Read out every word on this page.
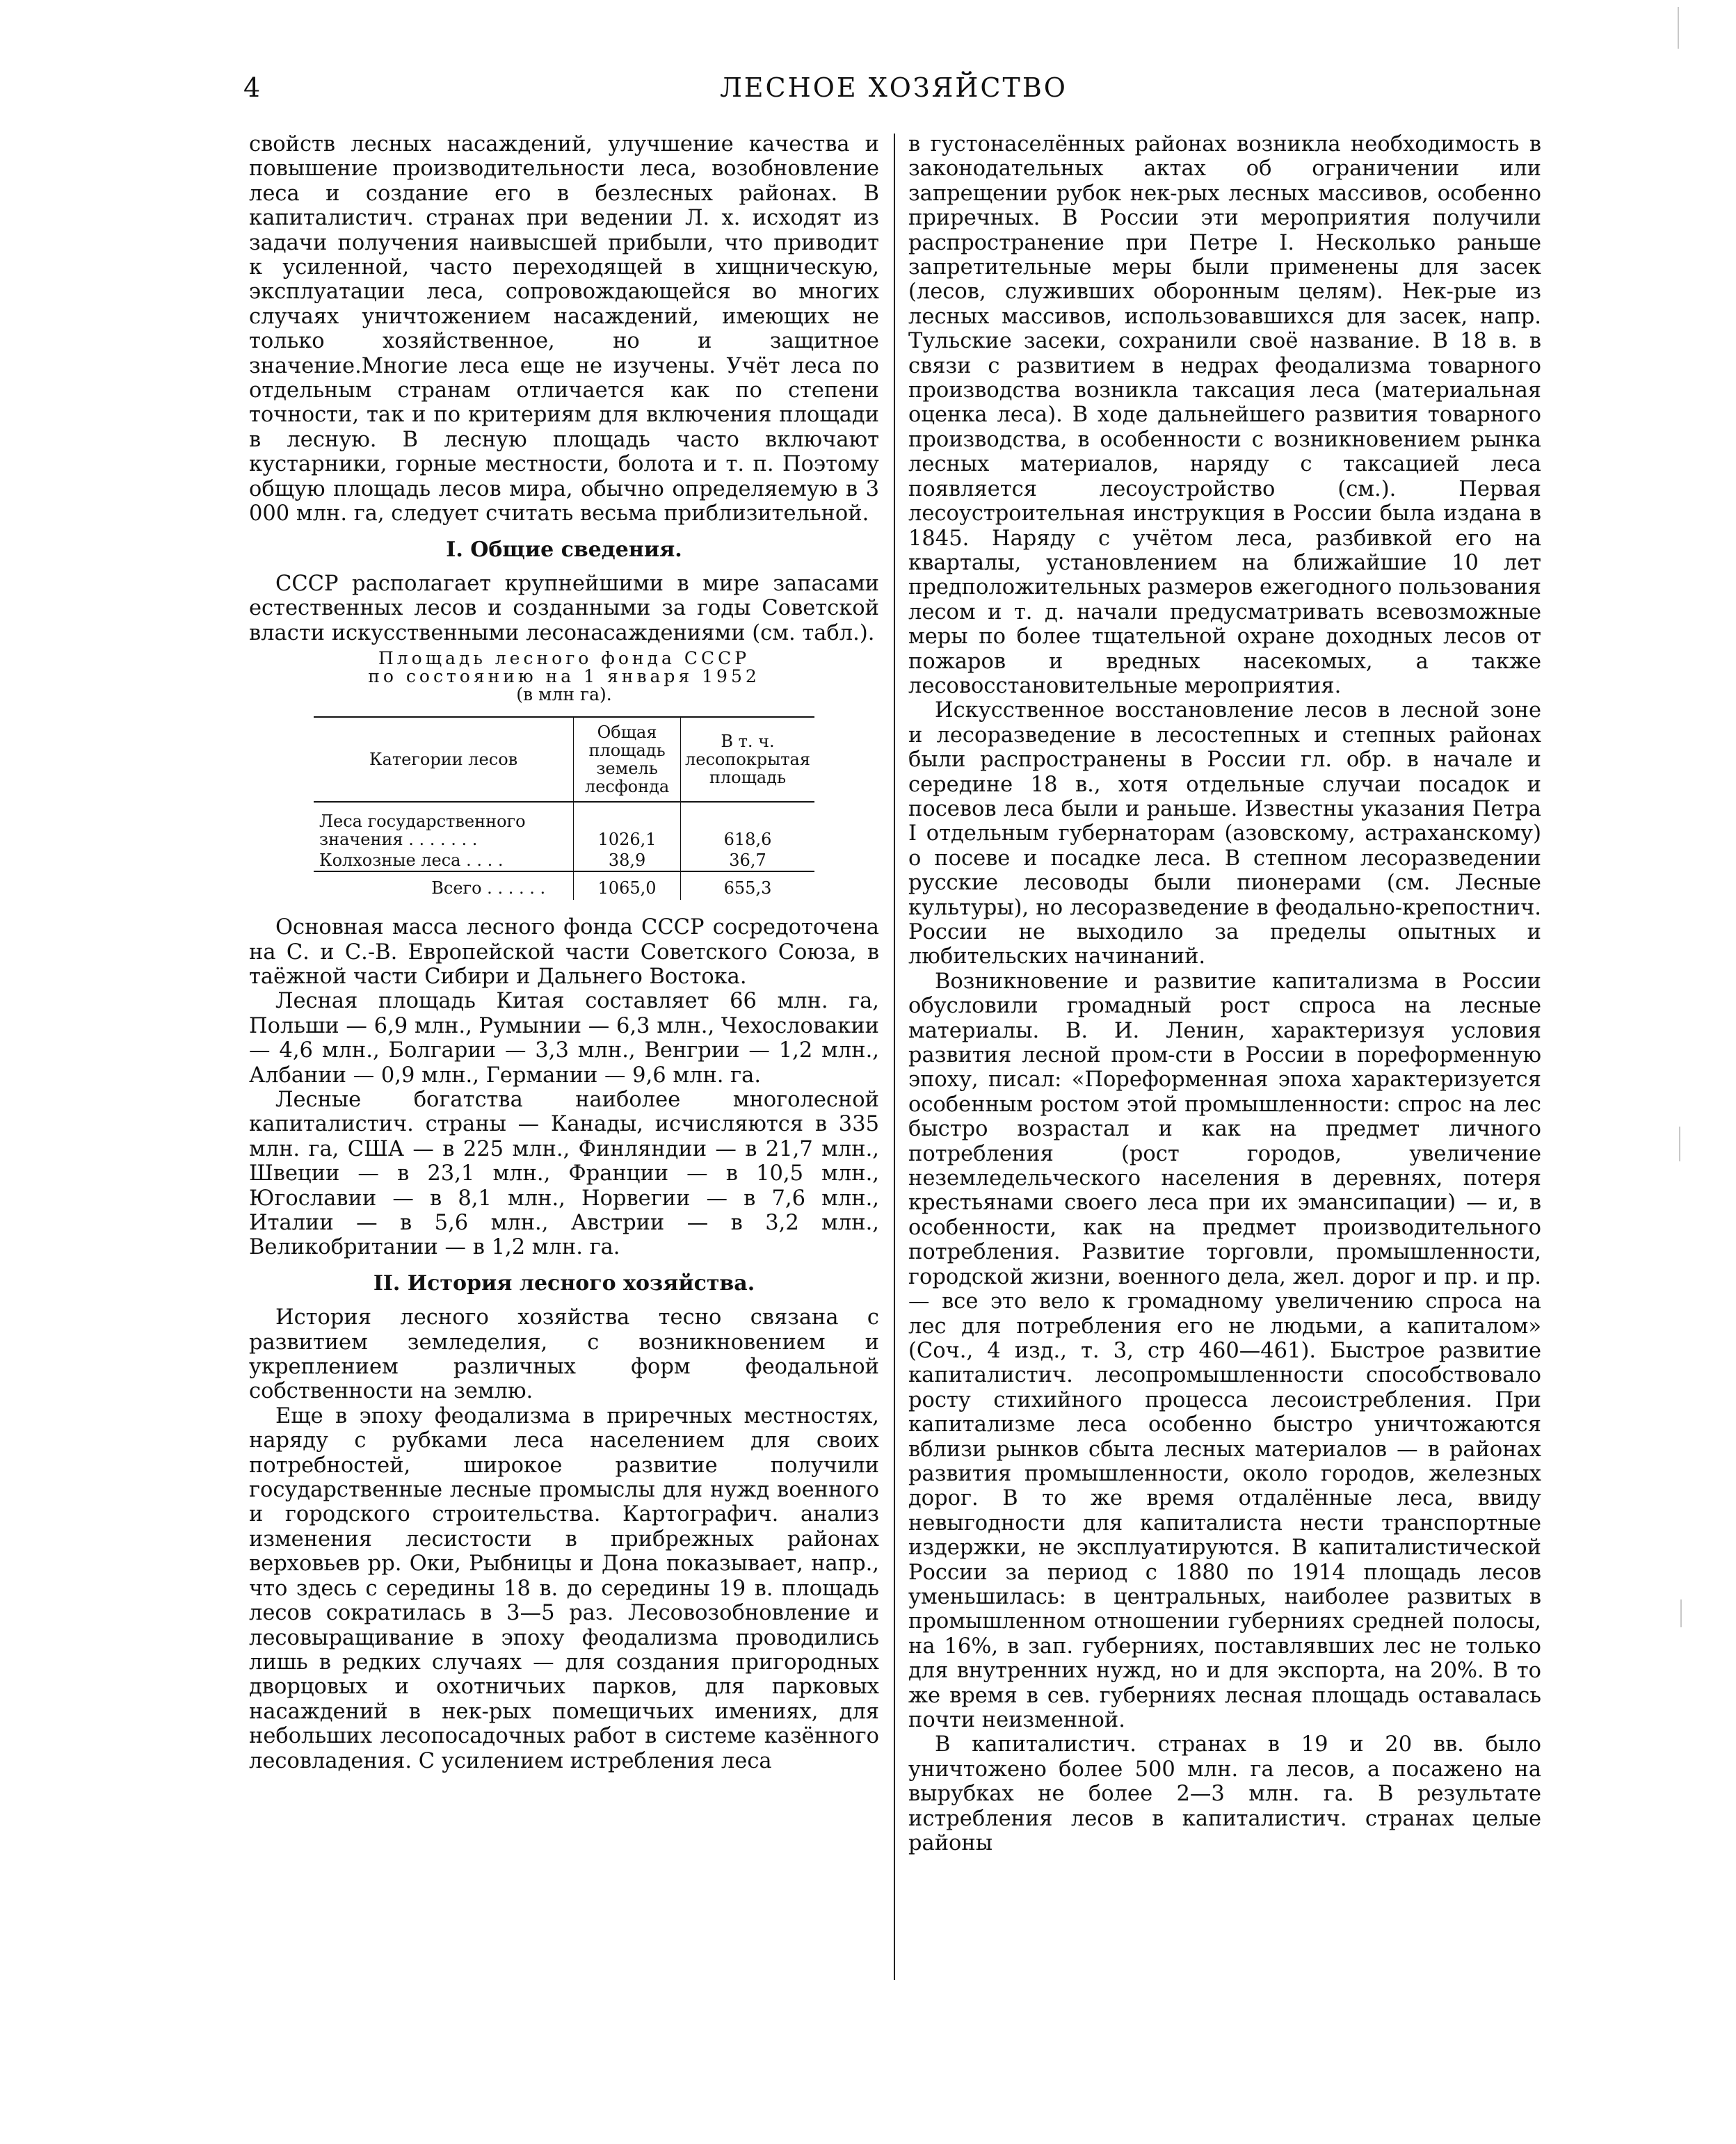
4	ЛЕСНОЕ ХОЗЯЙСТВО

свойств лесных насаждений, улучшение качества и повышение производительности леса, возобновление леса и создание его в безлесных районах. В капиталистич. странах при ведении Л. х. исходят из задачи получения наивысшей прибыли, что приводит к усиленной, часто переходящей в хищническую, эксплуатации леса, сопровождающейся во многих случаях уничтожением насаждений, имеющих не только хозяйственное, но и защитное значение.Многие леса еще не изучены. Учёт леса по отдельным странам отличается как по степени точности, так и по критериям для включения площади в лесную. В лесную площадь часто включают кустарники, горные местности, болота и т. п. Поэтому общую площадь лесов мира, обычно определяемую в 3 000 млн. га, следует считать весьма приблизительной.

I. Общие сведения.

СССР располагает крупнейшими в мире запасами естественных лесов и созданными за годы Советской власти искусственными лесонасаждениями (см. табл.).

Площадь лесного фонда СССР
по состоянию на 1 января 1952
(в млн га).
Категории лесов	Общая площадь земель лесфонда	В т. ч. лесопокрытая площадь

Леса государственного
значения . . . . . . .	1026,1	618,6
Колхозные леса . . . .	38,9	36,7
Всего . . . . . .	1065,0	655,3

Основная масса лесного фонда СССР сосредоточена на С. и С.-В. Европейской части Советского Союза, в таёжной части Сибири и Дальнего Востока.

Лесная площадь Китая составляет 66 млн. га, Польши — 6,9 млн., Румынии — 6,3 млн., Чехословакии — 4,6 млн., Болгарии — 3,3 млн., Венгрии — 1,2 млн., Албании — 0,9 млн., Германии — 9,6 млн. га.

Лесные богатства наиболее многолесной капиталистич. страны — Канады, исчисляются в 335 млн. га, США — в 225 млн., Финляндии — в 21,7 млн., Швеции — в 23,1 млн., Франции — в 10,5 млн., Югославии — в 8,1 млн., Норвегии — в 7,6 млн., Италии — в 5,6 млн., Австрии — в 3,2 млн., Великобритании — в 1,2 млн. га.

II. История лесного хозяйства.

История лесного хозяйства тесно связана с развитием земледелия, с возникновением и укреплением различных форм феодальной собственности на землю.

Еще в эпоху феодализма в приречных местностях, наряду с рубками леса населением для своих потребностей, широкое развитие получили государственные лесные промыслы для нужд военного и городского строительства. Картографич. анализ изменения лесистости в прибрежных районах верховьев рр. Оки, Рыбницы и Дона показывает, напр., что здесь с середины 18 в. до середины 19 в. площадь лесов сократилась в 3—5 раз. Лесовозобновление и лесовыращивание в эпоху феодализма проводились лишь в редких случаях — для создания пригородных дворцовых и охотничьих парков, для парковых насаждений в нек-рых помещичьих имениях, для небольших лесопосадочных работ в системе казённого лесовладения. С усилением истребления леса

в густонаселённых районах возникла необходимость в законодательных актах об ограничении или запрещении рубок нек-рых лесных массивов, особенно приречных. В России эти мероприятия получили распространение при Петре I. Несколько раньше запретительные меры были применены для засек (лесов, служивших оборонным целям). Нек-рые из лесных массивов, использовавшихся для засек, напр. Тульские засеки, сохранили своё название. В 18 в. в связи с развитием в недрах феодализма товарного производства возникла таксация леса (материальная оценка леса). В ходе дальнейшего развития товарного производства, в особенности с возникновением рынка лесных материалов, наряду с таксацией леса появляется лесоустройство (см.). Первая лесоустроительная инструкция в России была издана в 1845. Наряду с учётом леса, разбивкой его на кварталы, установлением на ближайшие 10 лет предположительных размеров ежегодного пользования лесом и т. д. начали предусматривать всевозможные меры по более тщательной охране доходных лесов от пожаров и вредных насекомых, а также лесовосстановительные мероприятия.

Искусственное восстановление лесов в лесной зоне и лесоразведение в лесостепных и степных районах были распространены в России гл. обр. в начале и середине 18 в., хотя отдельные случаи посадок и посевов леса были и раньше. Известны указания Петра I отдельным губернаторам (азовскому, астраханскому) о посеве и посадке леса. В степном лесоразведении русские лесоводы были пионерами (см. Лесные культуры), но лесоразведение в феодально-крепостнич. России не выходило за пределы опытных и любительских начинаний.

Возникновение и развитие капитализма в России обусловили громадный рост спроса на лесные материалы. В. И. Ленин, характеризуя условия развития лесной пром-сти в России в пореформенную эпоху, писал: «Пореформенная эпоха характеризуется особенным ростом этой промышленности: спрос на лес быстро возрастал и как на предмет личного потребления (рост городов, увеличение неземледельческого населения в деревнях, потеря крестьянами своего леса при их эмансипации) — и, в особенности, как на предмет производительного потребления. Развитие торговли, промышленности, городской жизни, военного дела, жел. дорог и пр. и пр. — все это вело к громадному увеличению спроса на лес для потребления его не людьми, а капиталом» (Соч., 4 изд., т. 3, стр 460—461). Быстрое развитие капиталистич. лесопромышленности способствовало росту стихийного процесса лесоистребления. При капитализме леса особенно быстро уничтожаются вблизи рынков сбыта лесных материалов — в районах развития промышленности, около городов, железных дорог. В то же время отдалённые леса, ввиду невыгодности для капиталиста нести транспортные издержки, не эксплуатируются. В капиталистической России за период с 1880 по 1914 площадь лесов уменьшилась: в центральных, наиболее развитых в промышленном отношении губерниях средней полосы, на 16%, в зап. губерниях, поставлявших лес не только для внутренних нужд, но и для экспорта, на 20%. В то же время в сев. губерниях лесная площадь оставалась почти неизменной.

В капиталистич. странах в 19 и 20 вв. было уничтожено более 500 млн. га лесов, а посажено на вырубках не более 2—3 млн. га. В результате истребления лесов в капиталистич. странах целые районы
